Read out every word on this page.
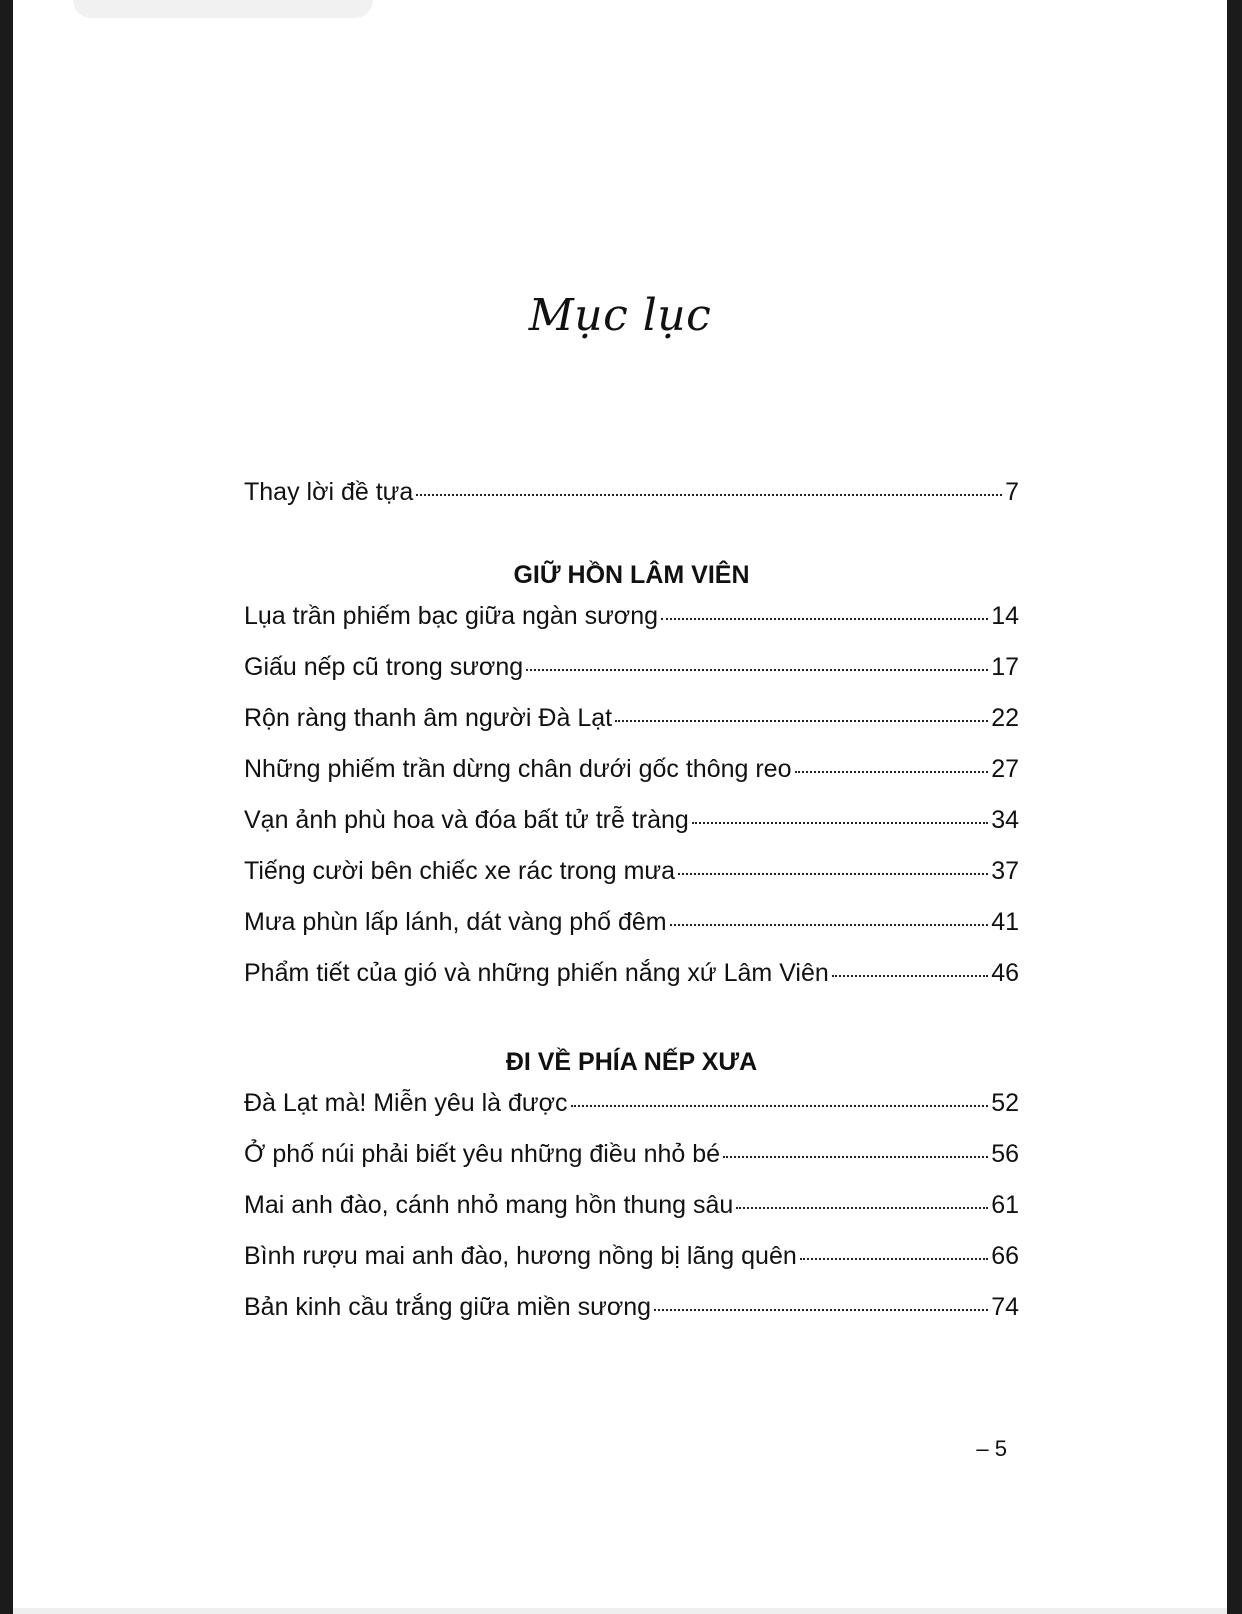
Mục lục
Thay lời đề tựa	7
GIỮ HỒN LÂM VIÊN
Lụa trần phiếm bạc giữa ngàn sương	14
Giấu nếp cũ trong sương	17
Rộn ràng thanh âm người Đà Lạt	22
Những phiếm trần dừng chân dưới gốc thông reo	27
Vạn ảnh phù hoa và đóa bất tử trễ tràng	34
Tiếng cười bên chiếc xe rác trong mưa	37
Mưa phùn lấp lánh, dát vàng phố đêm	41
Phẩm tiết của gió và những phiến nắng xứ Lâm Viên	46
ĐI VỀ PHÍA NẾP XƯA
Đà Lạt mà! Miễn yêu là được	52
Ở phố núi phải biết yêu những điều nhỏ bé	56
Mai anh đào, cánh nhỏ mang hồn thung sâu	61
Bình rượu mai anh đào, hương nồng bị lãng quên	66
Bản kinh cầu trắng giữa miền sương	74
– 5
